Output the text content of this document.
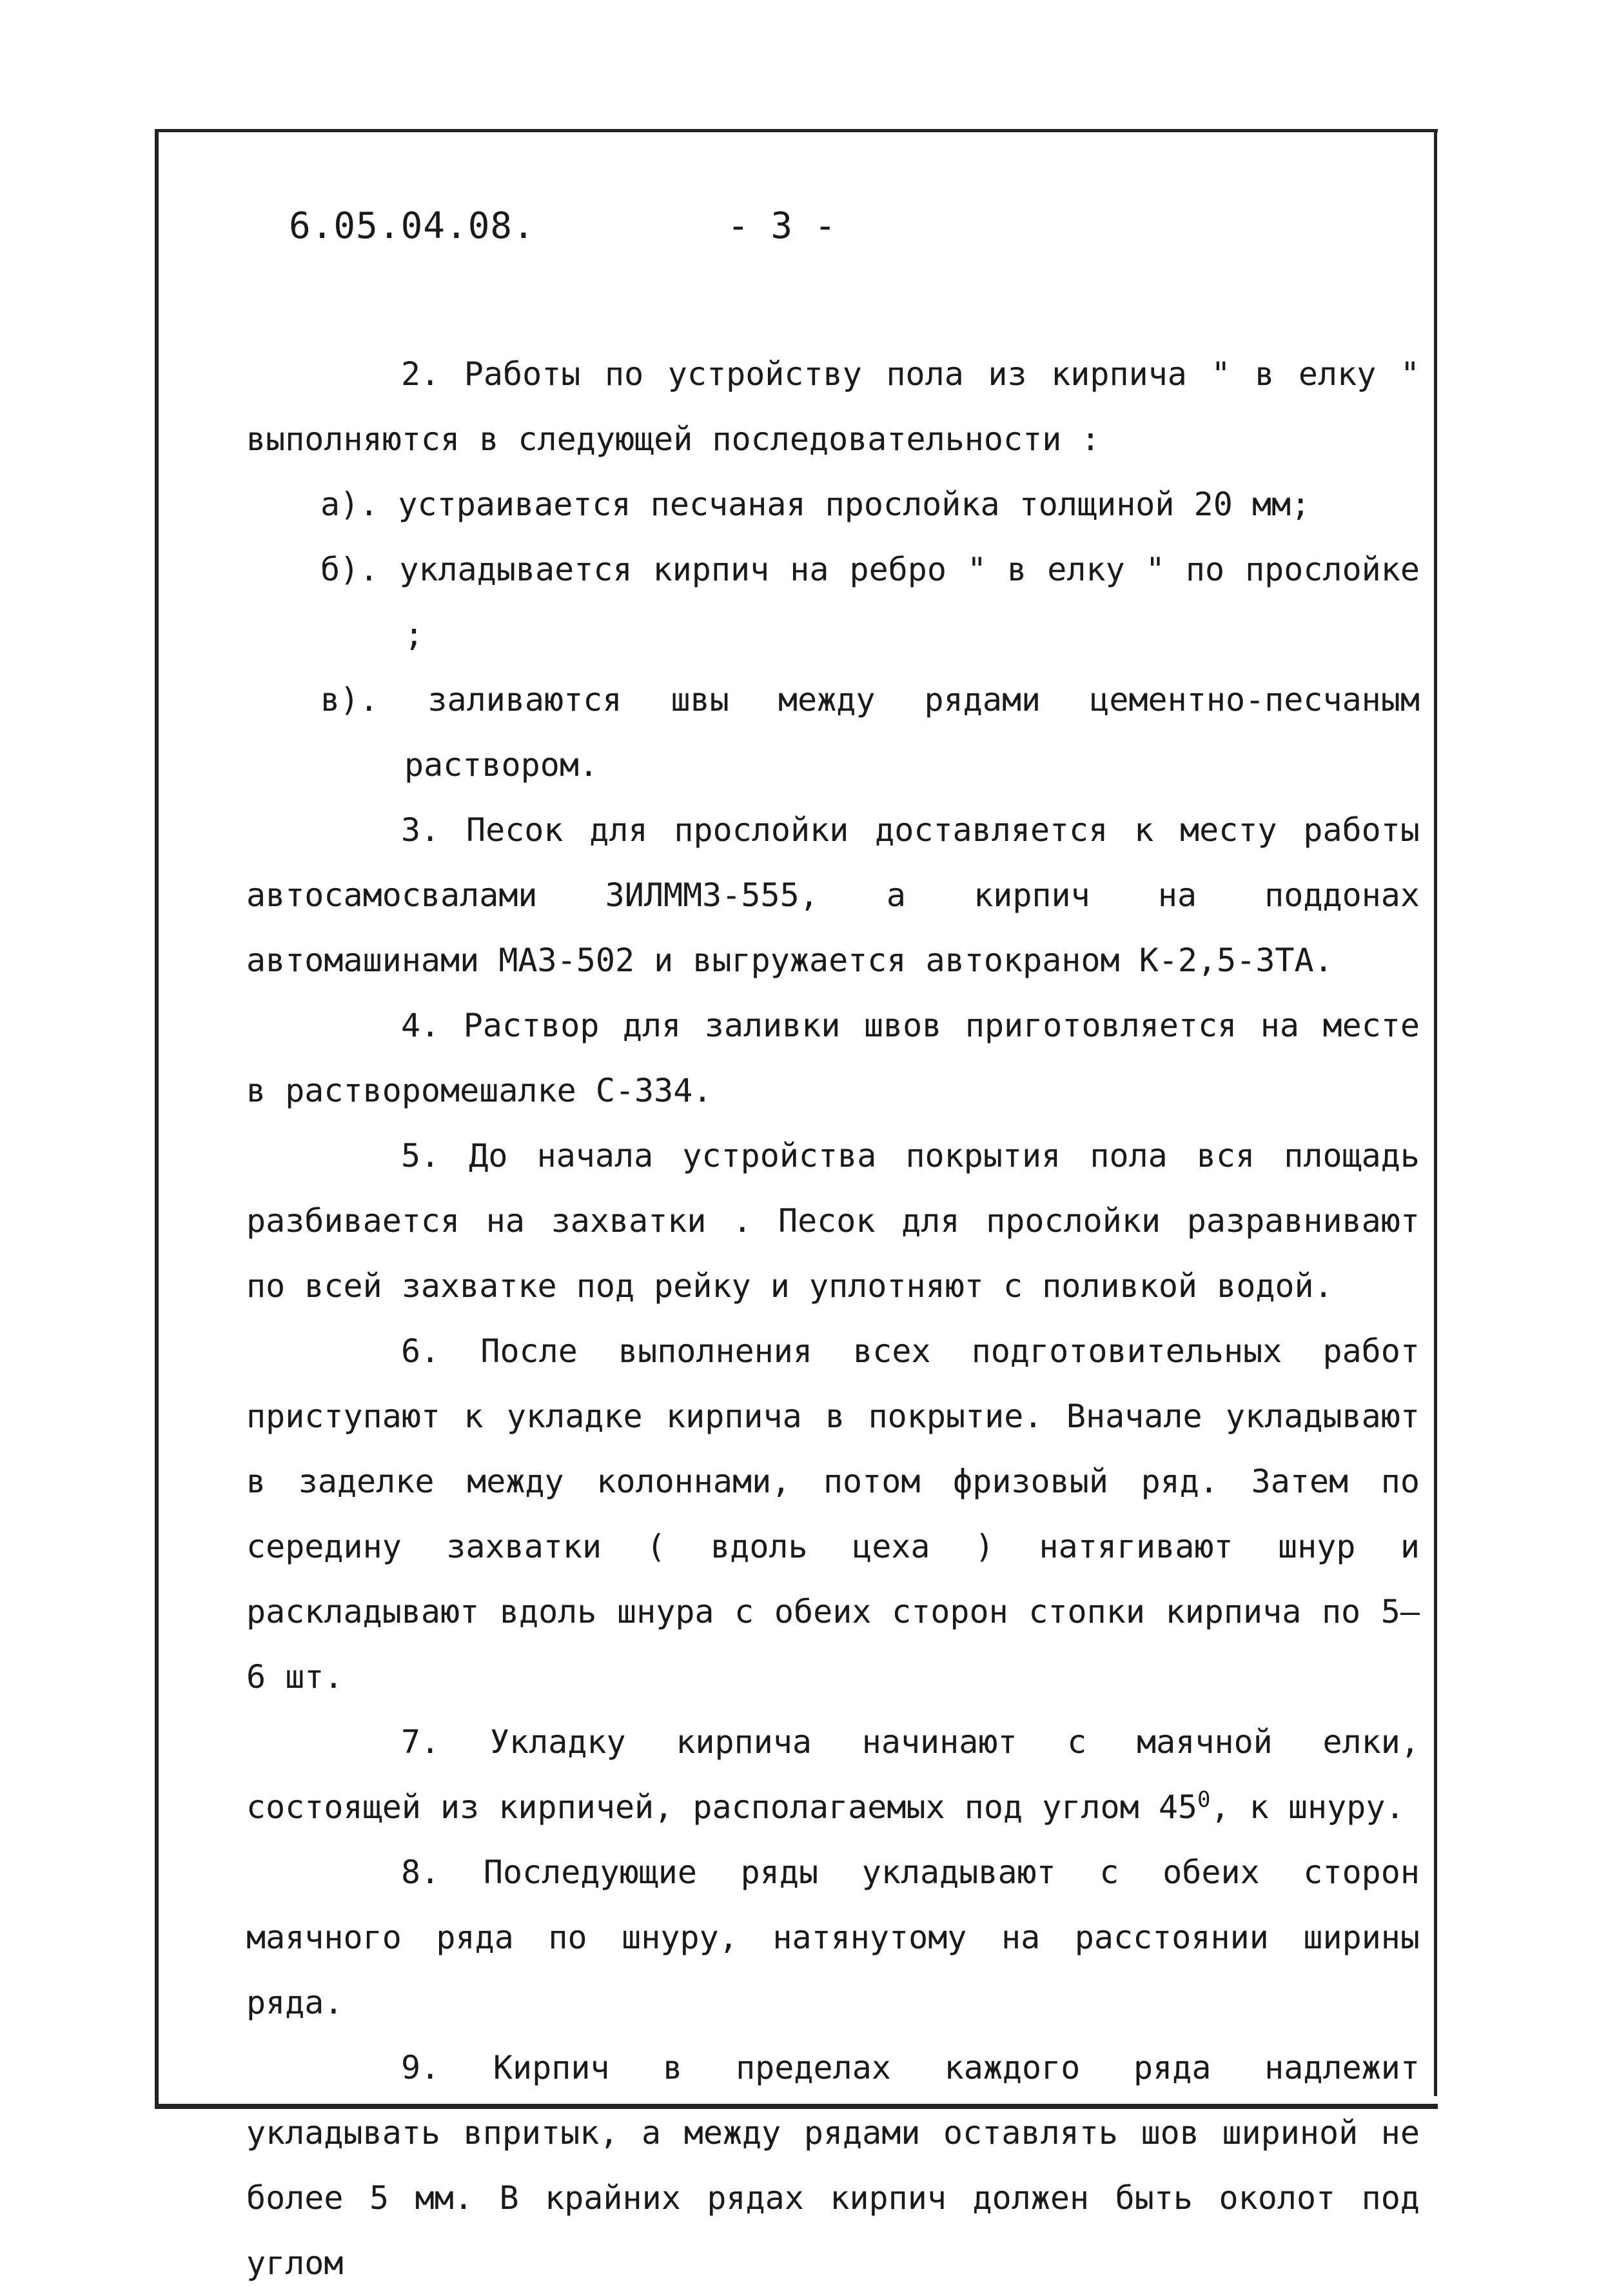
6.05.04.08.	- 3 -

2. Работы по устройству пола из кирпича " в елку " выполняются в следующей последовательности :

а). устраивается песчаная прослойка толщиной 20 мм;

б). укладывается кирпич на ребро " в елку " по прослойке ;

в). заливаются швы между рядами цементно-песчаным раствором.

3. Песок для прослойки доставляется к месту работы автосамосвалами ЗИЛММЗ-555, а кирпич на поддонах автомашинами МАЗ-502 и выгружается автокраном К-2,5-ЗТА.

4. Раствор для заливки швов приготовляется на месте в растворомешалке С-334.

5. До начала устройства покрытия пола вся площадь разбивается на захватки . Песок для прослойки разравнивают по всей захватке под рейку и уплотняют с поливкой водой.

6. После выполнения всех подготовительных работ приступают к укладке кирпича в покрытие. Вначале укладывают в заделке между колоннами, потом фризовый ряд. Затем по середину захватки ( вдоль цеха ) натягивают шнур и раскладывают вдоль шнура с обеих сторон стопки кирпича по 5–6 шт.

7. Укладку кирпича начинают с маячной елки, состоящей из кирпичей, располагаемых под углом $45^0$, к шнуру.

8. Последующие ряды укладывают с обеих сторон маячного ряда по шнуру, натянутому на расстоянии ширины ряда.

9. Кирпич в пределах каждого ряда надлежит укладывать впритык, а между рядами оставлять шов шириной не более 5 мм. В крайних рядах кирпич должен быть околот под углом
